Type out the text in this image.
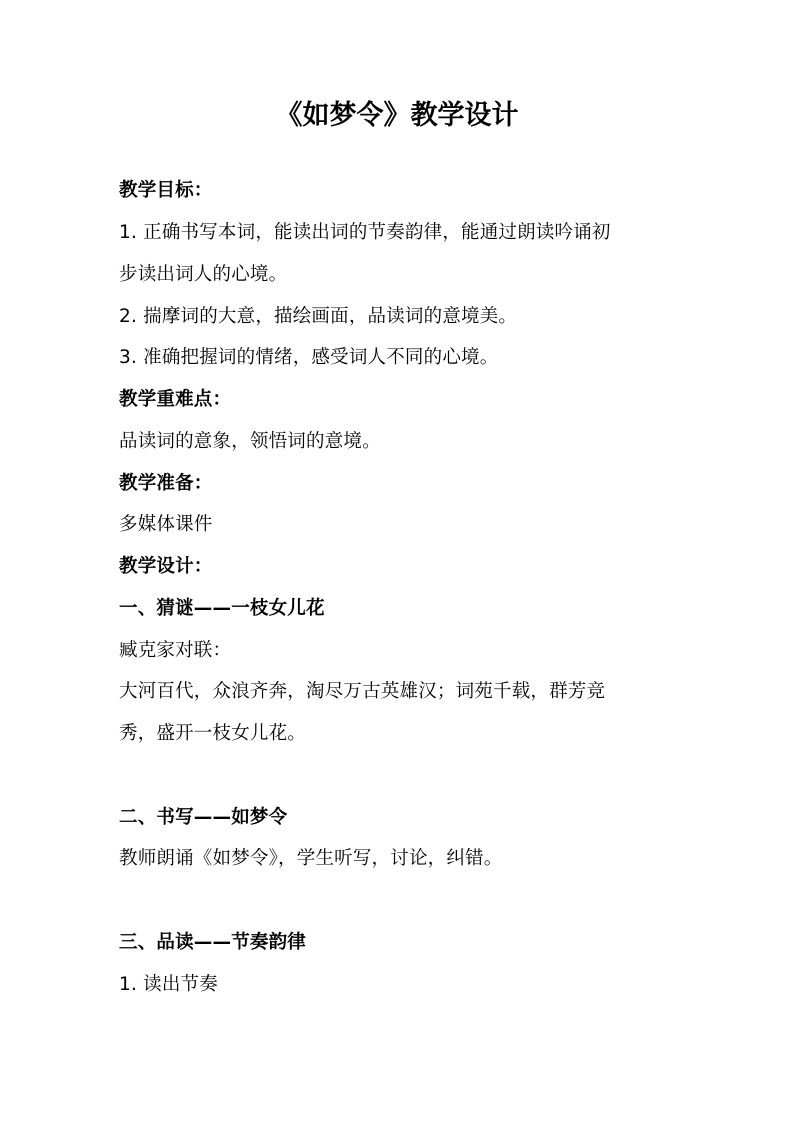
《如梦令》教学设计
教学目标：
1. 正确书写本词，能读出词的节奏韵律，能通过朗读吟诵初
步读出词人的心境。
2. 揣摩词的大意，描绘画面，品读词的意境美。
3. 准确把握词的情绪，感受词人不同的心境。
教学重难点：
品读词的意象，领悟词的意境。
教学准备：
多媒体课件
教学设计：
一、猜谜——一枝女儿花
臧克家对联：
大河百代，众浪齐奔，淘尽万古英雄汉；词苑千载，群芳竞
秀，盛开一枝女儿花。
二、书写——如梦令
教师朗诵《如梦令》，学生听写，讨论，纠错。
三、品读——节奏韵律
1. 读出节奏
